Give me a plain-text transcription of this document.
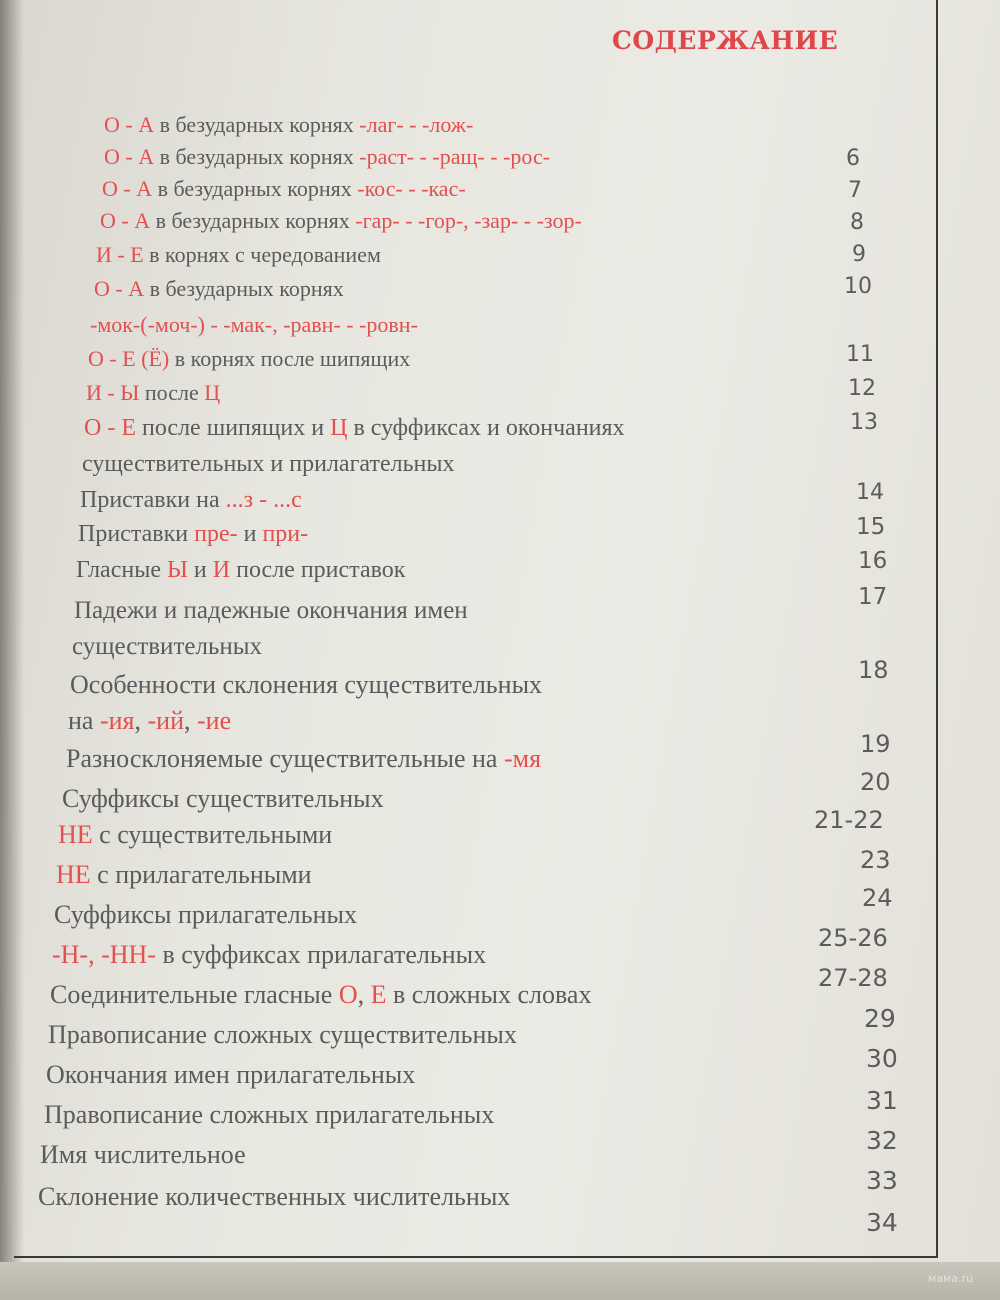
СОДЕРЖАНИЕ
О - А в безударных корнях -лаг- - -лож-
О - А в безударных корнях -раст- - -ращ- - -рос-
О - А в безударных корнях -кос- - -кас-
О - А в безударных корнях -гар- - -гор-, -зар- - -зор-
И - Е в корнях с чередованием
О - А в безударных корнях
-мок-(-моч-) - -мак-, -равн- - -ровн-
О - Е (Ё) в корнях после шипящих
И - Ы после Ц
О - Е после шипящих и Ц в суффиксах и окончаниях
существительных и прилагательных
Приставки на ...з - ...с
Приставки пре- и при-
Гласные Ы и И после приставок
Падежи и падежные окончания имен
существительных
Особенности склонения существительных
на -ия, -ий, -ие
Разносклоняемые существительные на -мя
Суффиксы существительных
НЕ с существительными
НЕ с прилагательными
Суффиксы прилагательных
-Н-, -НН- в суффиксах прилагательных
Соединительные гласные О, Е в сложных словах
Правописание сложных существительных
Окончания имен прилагательных
Правописание сложных прилагательных
Имя числительное
Склонение количественных числительных
6
7
8
9
10
11
12
13
14
15
16
17
18
19
20
21-22
23
24
25-26
27-28
29
30
31
32
33
34
мама.ru
